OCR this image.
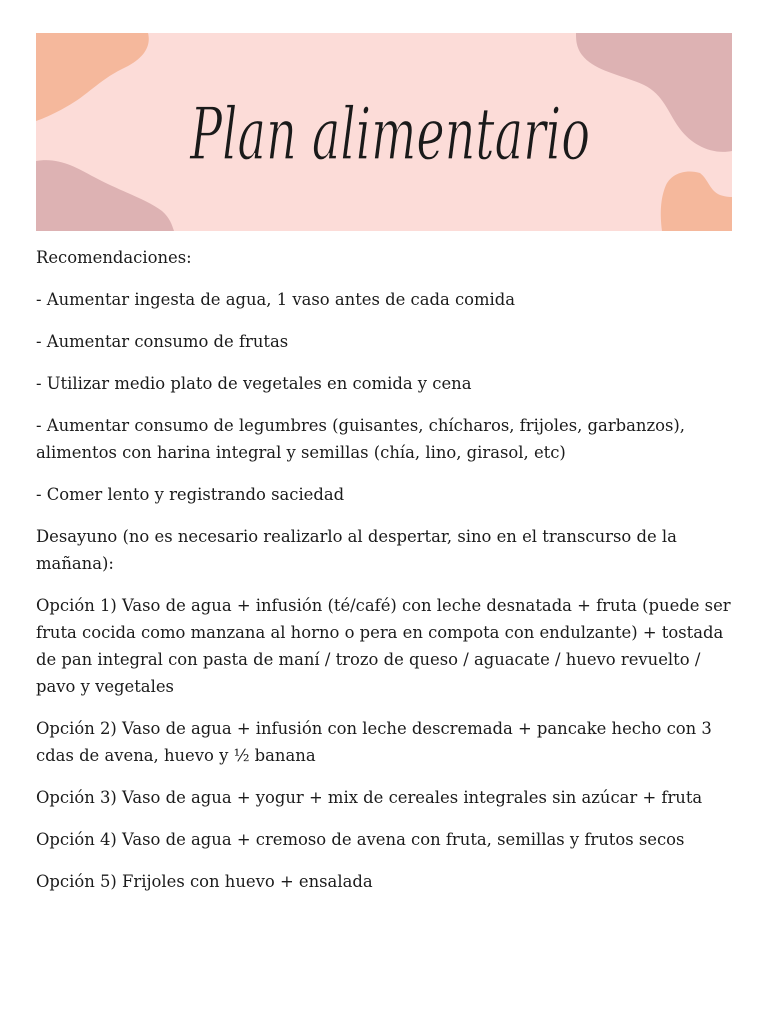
Plan alimentario

Recomendaciones:

- Aumentar ingesta de agua, 1 vaso antes de cada comida

- Aumentar consumo de frutas

- Utilizar medio plato de vegetales en comida y cena

- Aumentar consumo de legumbres (guisantes, chícharos, frijoles, garbanzos), alimentos con harina integral y semillas (chía, lino, girasol, etc)

- Comer lento y registrando saciedad

Desayuno (no es necesario realizarlo al despertar, sino en el transcurso de la mañana):

Opción 1) Vaso de agua + infusión (té/café) con leche desnatada + fruta (puede ser fruta cocida como manzana al horno o pera en compota con endulzante) + tostada de pan integral con pasta de maní / trozo de queso / aguacate / huevo revuelto / pavo y vegetales

Opción 2) Vaso de agua + infusión con leche descremada + pancake hecho con 3 cdas de avena, huevo y ½ banana

Opción 3) Vaso de agua + yogur + mix de cereales integrales sin azúcar + fruta

Opción 4) Vaso de agua + cremoso de avena con fruta, semillas y frutos secos

Opción 5) Frijoles con huevo + ensalada
